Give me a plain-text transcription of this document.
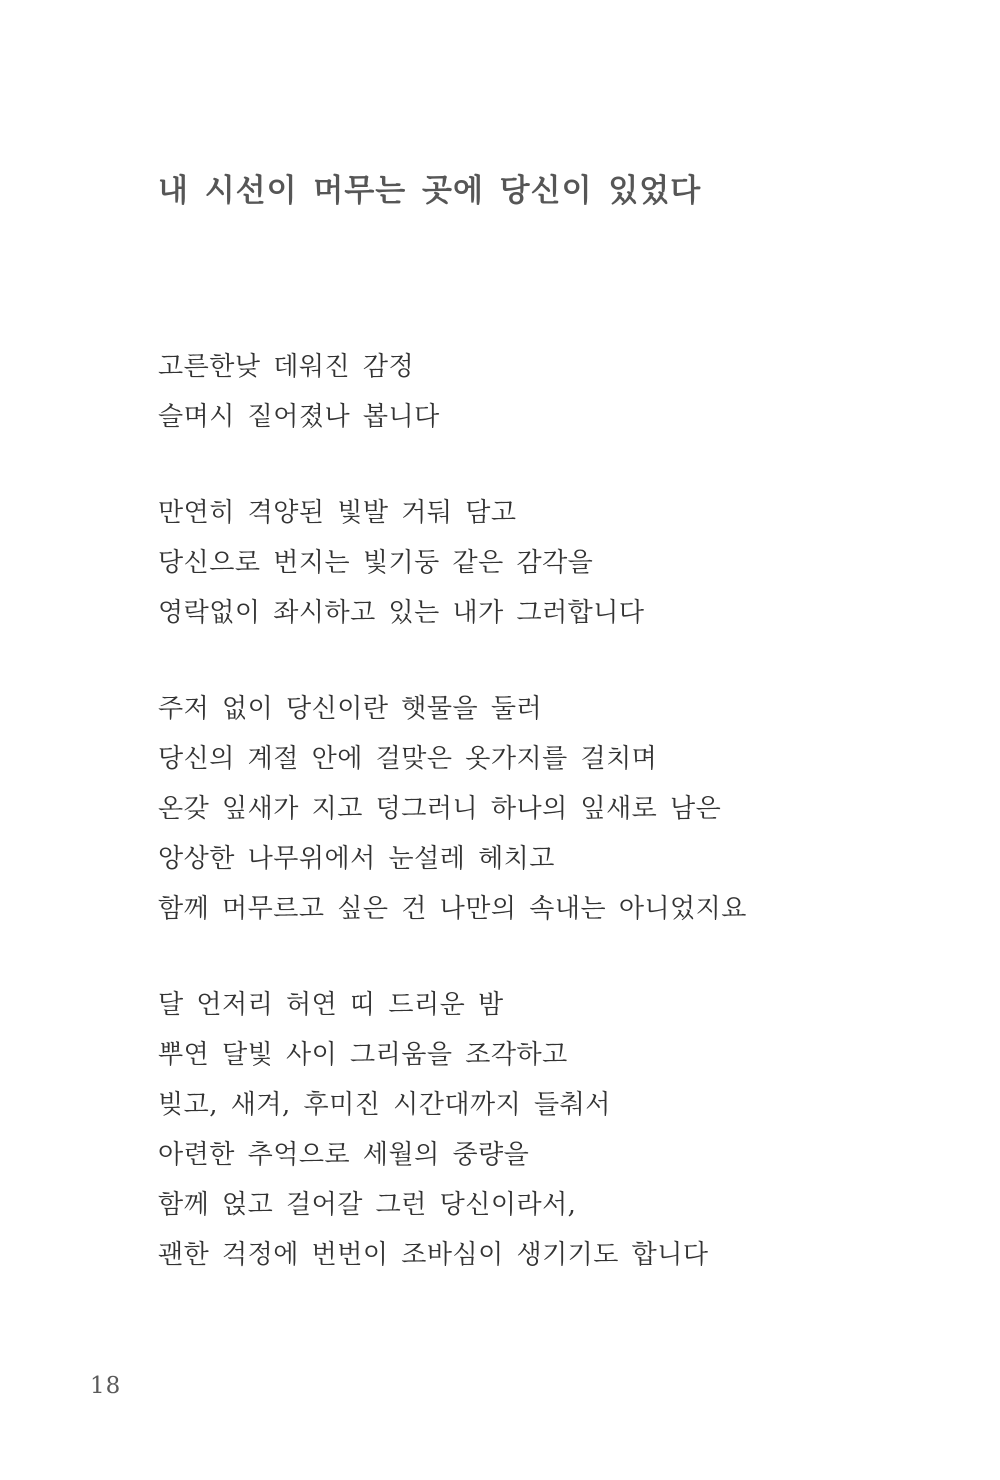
내 시선이 머무는 곳에 당신이 있었다
고른한낮 데워진 감정
슬며시 짙어졌나 봅니다
만연히 격양된 빛발 거둬 담고
당신으로 번지는 빛기둥 같은 감각을
영락없이 좌시하고 있는 내가 그러합니다
주저 없이 당신이란 햇물을 둘러
당신의 계절 안에 걸맞은 옷가지를 걸치며
온갖 잎새가 지고 덩그러니 하나의 잎새로 남은
앙상한 나무위에서 눈설레 헤치고
함께 머무르고 싶은 건 나만의 속내는 아니었지요
달 언저리 허연 띠 드리운 밤
뿌연 달빛 사이 그리움을 조각하고
빚고, 새겨, 후미진 시간대까지 들춰서
아련한 추억으로 세월의 중량을
함께 얹고 걸어갈 그런 당신이라서,
괜한 걱정에 번번이 조바심이 생기기도 합니다
18
